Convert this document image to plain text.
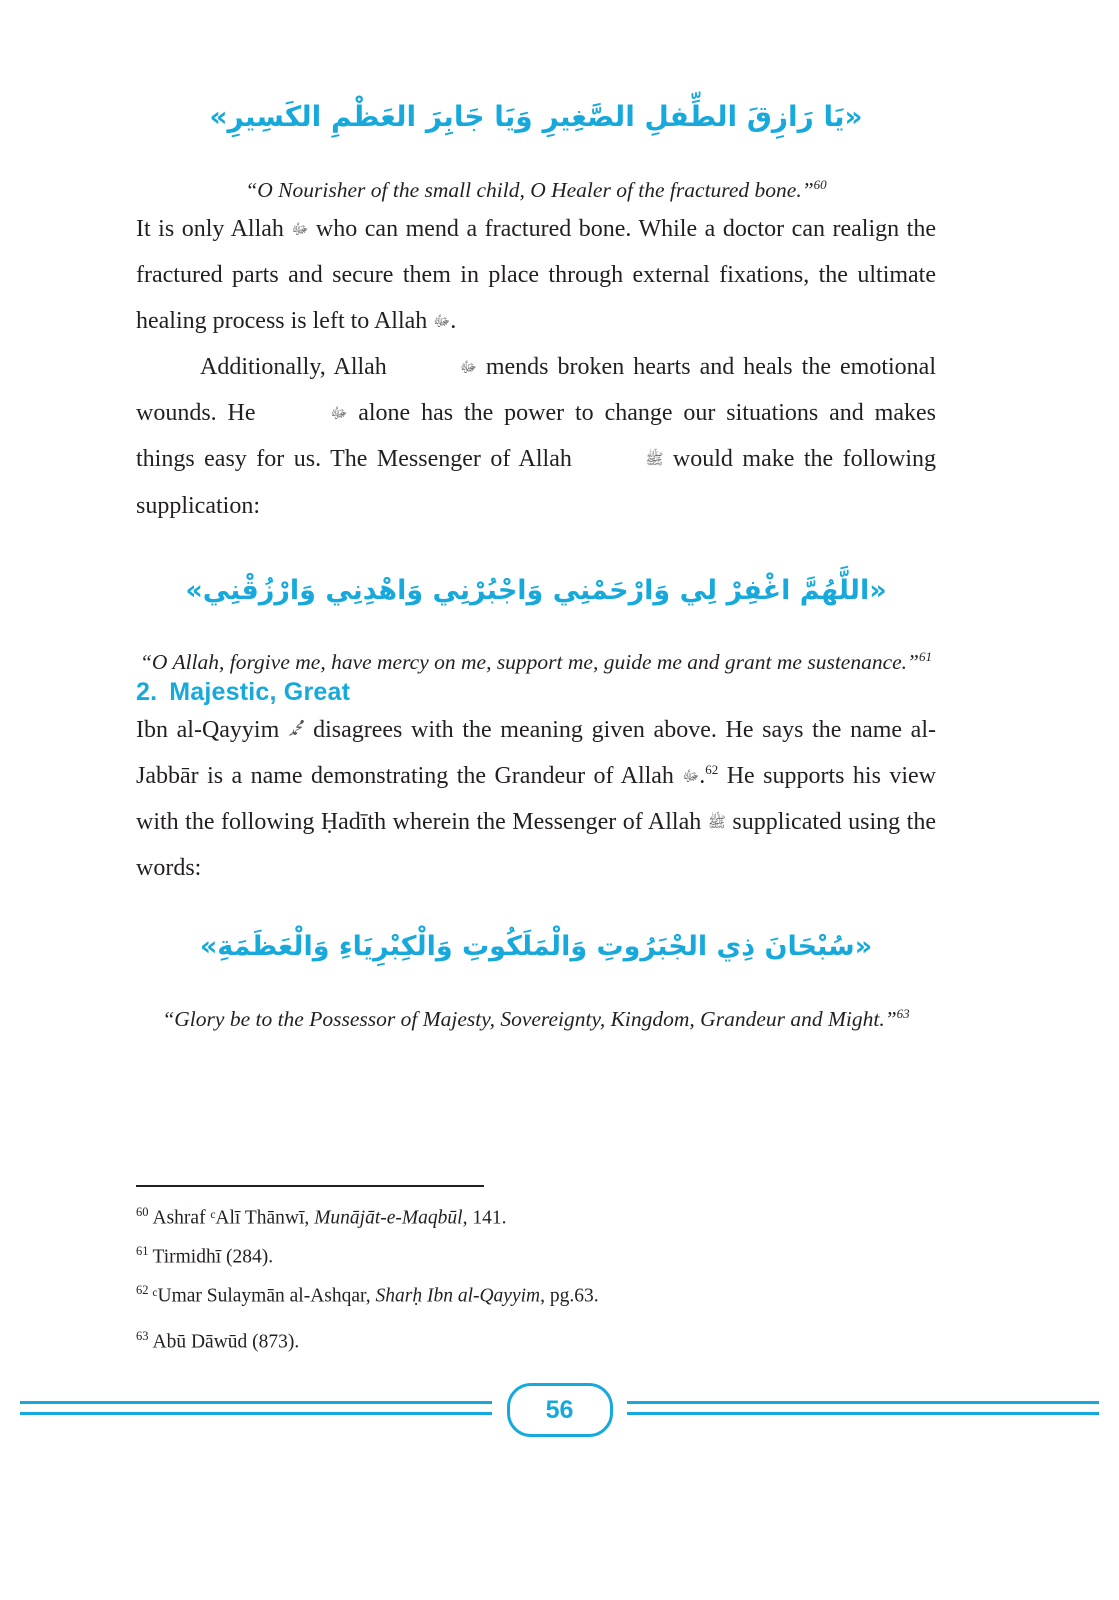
«يَا رَازِقَ الطِّفلِ الصَّغِيرِ وَيَا جَابِرَ العَظْمِ الكَسِيرِ»
“O Nourisher of the small child, O Healer of the fractured bone.”$^{60}$

It is only Allah ﷻ who can mend a fractured bone. While a doctor can realign the fractured parts and secure them in place through external fixations, the ultimate healing process is left to Allah ﷻ.

Additionally, Allah	ﷻ mends broken hearts and heals the emotional wounds. He	ﷻ alone has the power to change our situations and makes things easy for us. The Messenger of Allah	ﷺ would make the following supplication:

«اللَّهُمَّ اغْفِرْ لِي وَارْحَمْنِي وَاجْبُرْنِي وَاهْدِنِي وَارْزُقْنِي»
“O Allah, forgive me, have mercy on me, support me, guide me and grant me sustenance.”$^{61}$
2. Majestic, Great

Ibn al-Qayyim ﷴ disagrees with the meaning given above. He says the name al-Jabbār is a name demonstrating the Grandeur of Allah ﷻ.$^{62}$ He supports his view with the following Ḥadīth wherein the Messenger of Allah ﷺ supplicated using the words:

«سُبْحَانَ ذِي الجْبَرُوتِ وَالْمَلَكُوتِ وَالْكِبْرِيَاءِ وَالْعَظَمَةِ»
“Glory be to the Possessor of Majesty, Sovereignty, Kingdom, Grandeur and Might.”$^{63}$
$^{60}$ Ashraf ᶜAlī Thānwī, Munājāt-e-Maqbūl, 141.
$^{61}$ Tirmidhī (284).
$^{62}$ ᶜUmar Sulaymān al-Ashqar, Sharḥ Ibn al-Qayyim, pg.63.
$^{63}$ Abū Dāwūd (873).
56
